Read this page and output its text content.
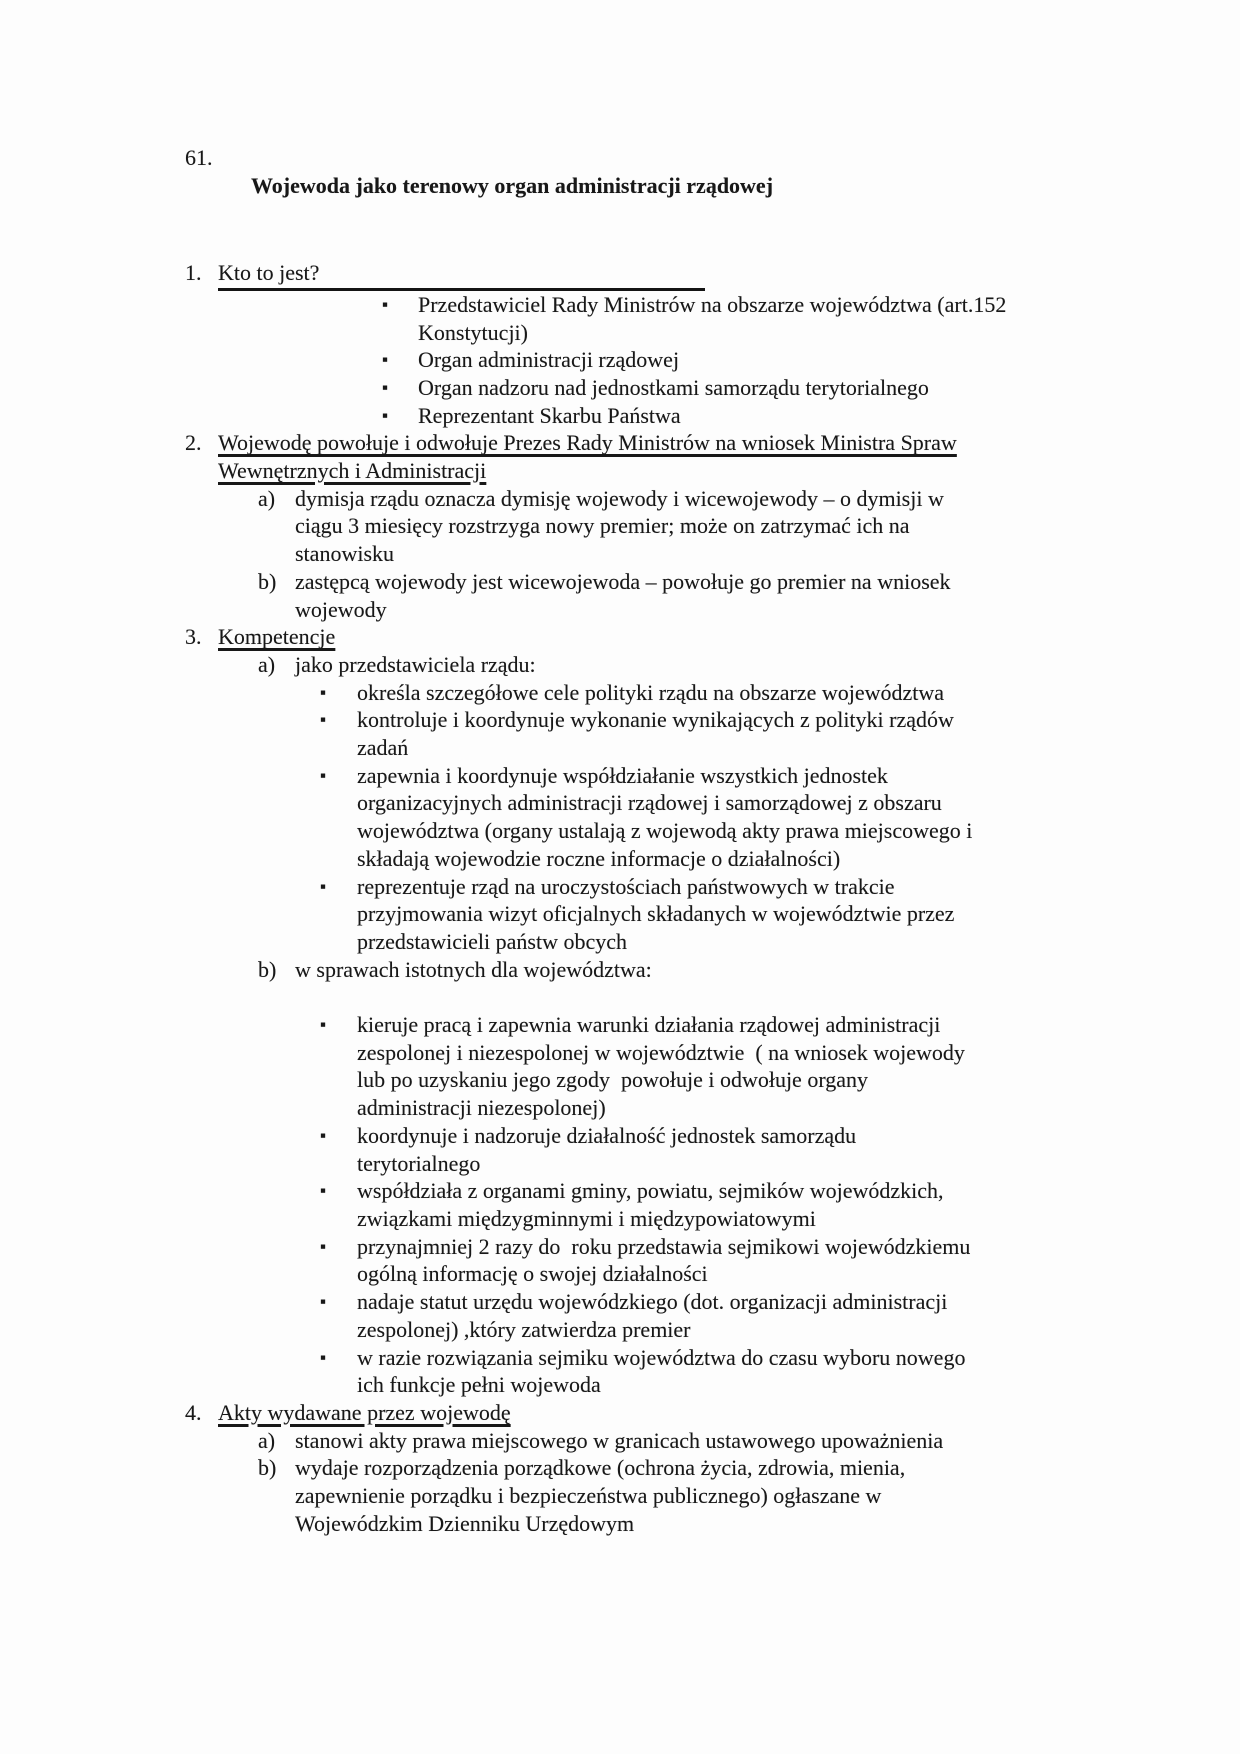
61.
Wojewoda jako terenowy organ administracji rządowej

1. Kto to jest?
▪ Przedstawiciel Rady Ministrów na obszarze województwa (art.152
Konstytucji)
▪ Organ administracji rządowej
▪ Organ nadzoru nad jednostkami samorządu terytorialnego
▪ Reprezentant Skarbu Państwa
2. Wojewodę powołuje i odwołuje Prezes Rady Ministrów na wniosek Ministra Spraw
Wewnętrznych i Administracji
a) dymisja rządu oznacza dymisję wojewody i wicewojewody – o dymisji w
ciągu 3 miesięcy rozstrzyga nowy premier; może on zatrzymać ich na
stanowisku
b) zastępcą wojewody jest wicewojewoda – powołuje go premier na wniosek
wojewody
3. Kompetencje
a) jako przedstawiciela rządu:
▪ określa szczegółowe cele polityki rządu na obszarze województwa
▪ kontroluje i koordynuje wykonanie wynikających z polityki rządów
zadań
▪ zapewnia i koordynuje współdziałanie wszystkich jednostek
organizacyjnych administracji rządowej i samorządowej z obszaru
województwa (organy ustalają z wojewodą akty prawa miejscowego i
składają wojewodzie roczne informacje o działalności)
▪ reprezentuje rząd na uroczystościach państwowych w trakcie
przyjmowania wizyt oficjalnych składanych w województwie przez
przedstawicieli państw obcych
b) w sprawach istotnych dla województwa:
▪ kieruje pracą i zapewnia warunki działania rządowej administracji
zespolonej i niezespolonej w województwie  ( na wniosek wojewody
lub po uzyskaniu jego zgody  powołuje i odwołuje organy
administracji niezespolonej)
▪ koordynuje i nadzoruje działalność jednostek samorządu
terytorialnego
▪ współdziała z organami gminy, powiatu, sejmików wojewódzkich,
związkami międzygminnymi i międzypowiatowymi
▪ przynajmniej 2 razy do  roku przedstawia sejmikowi wojewódzkiemu
ogólną informację o swojej działalności
▪ nadaje statut urzędu wojewódzkiego (dot. organizacji administracji
zespolonej) ,który zatwierdza premier
▪ w razie rozwiązania sejmiku województwa do czasu wyboru nowego
ich funkcje pełni wojewoda
4. Akty wydawane przez wojewodę
a) stanowi akty prawa miejscowego w granicach ustawowego upoważnienia
b) wydaje rozporządzenia porządkowe (ochrona życia, zdrowia, mienia,
zapewnienie porządku i bezpieczeństwa publicznego) ogłaszane w
Wojewódzkim Dzienniku Urzędowym
